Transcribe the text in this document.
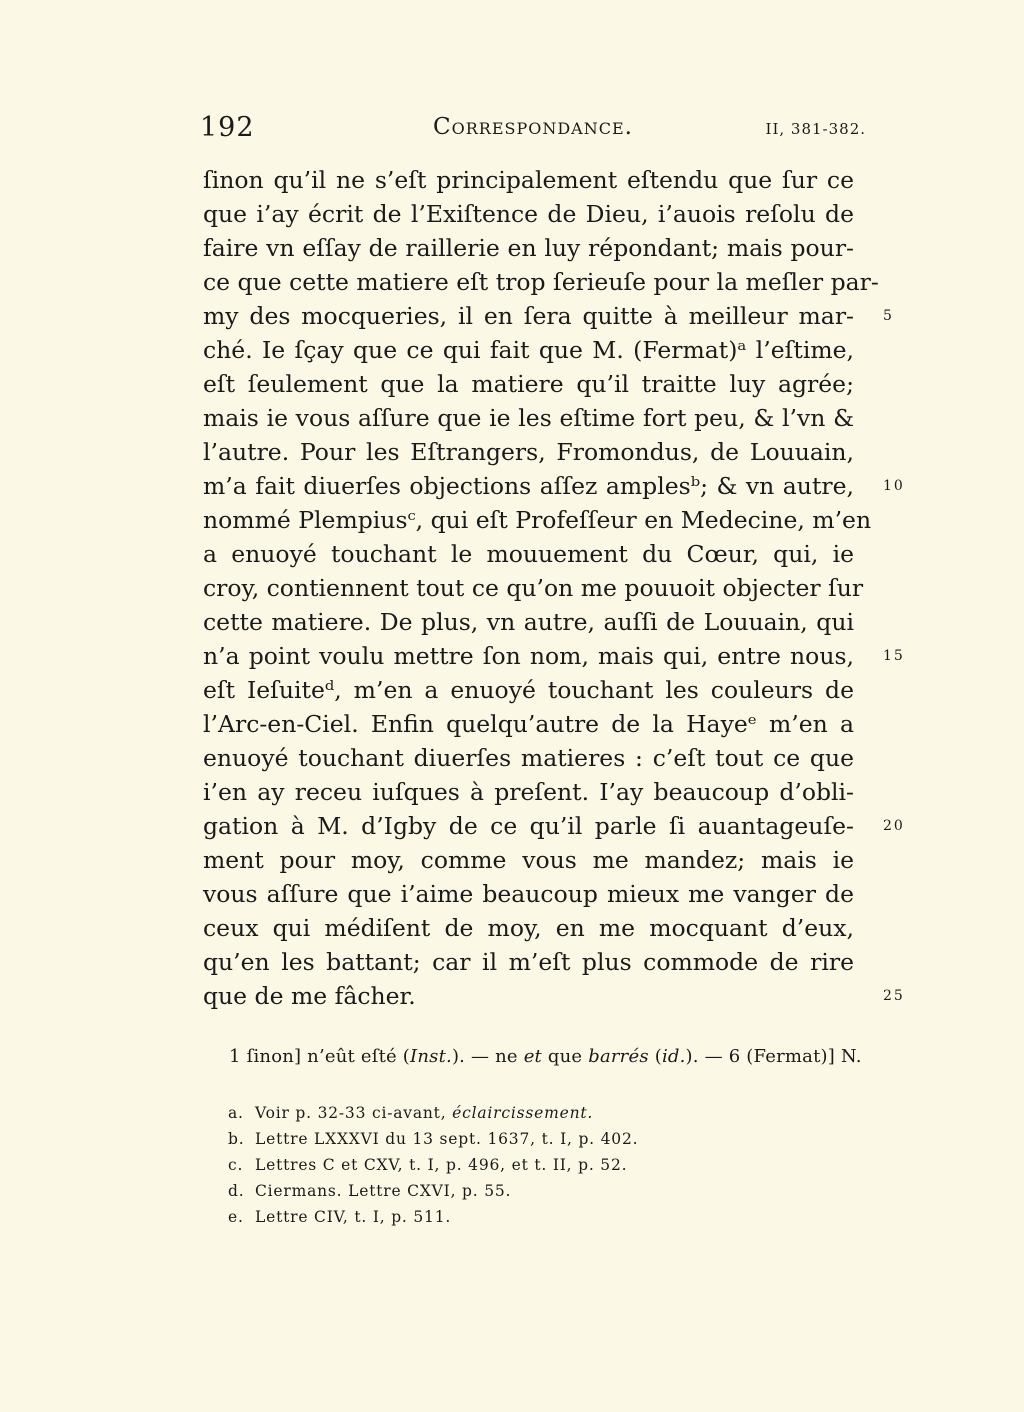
192	Correspondance.	II, 381-382.
ſinon qu’il ne s’eſt principalement eſtendu que ſur ce
que i’ay écrit de l’Exiſtence de Dieu, i’auois reſolu de
faire vn eſſay de raillerie en luy répondant; mais pour-
ce que cette matiere eſt trop ſerieuſe pour la meſler par-
my des mocqueries, il en ſera quitte à meilleur mar- 5
ché. Ie ſçay que ce qui fait que M. (Fermat)ᵃ l’eſtime,
eſt ſeulement que la matiere qu’il traitte luy agrée;
mais ie vous aſſure que ie les eſtime fort peu, & l’vn &
l’autre. Pour les Eſtrangers, Fromondus, de Louuain,
m’a fait diuerſes objections aſſez amplesᵇ; & vn autre, 10
nommé Plempiusᶜ, qui eſt Profeſſeur en Medecine, m’en
a enuoyé touchant le mouuement du Cœur, qui, ie
croy, contiennent tout ce qu’on me pouuoit objecter ſur
cette matiere. De plus, vn autre, auſſi de Louuain, qui
n’a point voulu mettre ſon nom, mais qui, entre nous, 15
eſt Ieſuiteᵈ, m’en a enuoyé touchant les couleurs de
l’Arc-en-Ciel. Enfin quelqu’autre de la Hayeᵉ m’en a
enuoyé touchant diuerſes matieres : c’eſt tout ce que
i’en ay receu iuſques à preſent. I’ay beaucoup d’obli-
gation à M. d’Igby de ce qu’il parle ſi auantageuſe- 20
ment pour moy, comme vous me mandez; mais ie
vous aſſure que i’aime beaucoup mieux me vanger de
ceux qui médiſent de moy, en me mocquant d’eux,
qu’en les battant; car il m’eſt plus commode de rire
que de me fâcher.	25
1 ſinon] n’eût eſté (Inst.). — ne et que barrés (id.). — 6 (Fermat)] N.
a. Voir p. 32-33 ci-avant, éclaircissement.
b. Lettre LXXXVI du 13 sept. 1637, t. I, p. 402.
c. Lettres C et CXV, t. I, p. 496, et t. II, p. 52.
d. Ciermans. Lettre CXVI, p. 55.
e. Lettre CIV, t. I, p. 511.
